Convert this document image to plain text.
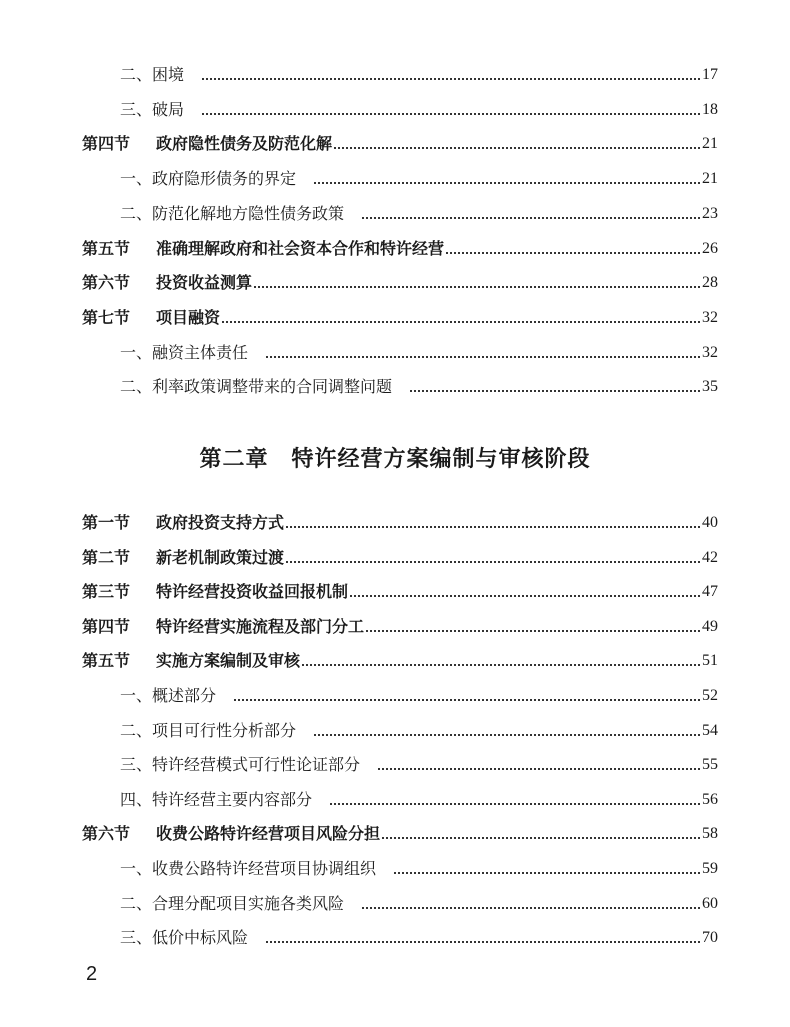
二、困境	17
三、破局	18
第四节	政府隐性债务及防范化解	21
一、政府隐形债务的界定	21
二、防范化解地方隐性债务政策	23
第五节	准确理解政府和社会资本合作和特许经营	26
第六节	投资收益测算	28
第七节	项目融资	32
一、融资主体责任	32
二、利率政策调整带来的合同调整问题	35
第二章　特许经营方案编制与审核阶段
第一节	政府投资支持方式	40
第二节	新老机制政策过渡	42
第三节	特许经营投资收益回报机制	47
第四节	特许经营实施流程及部门分工	49
第五节	实施方案编制及审核	51
一、概述部分	52
二、项目可行性分析部分	54
三、特许经营模式可行性论证部分	55
四、特许经营主要内容部分	56
第六节	收费公路特许经营项目风险分担	58
一、收费公路特许经营项目协调组织	59
二、合理分配项目实施各类风险	60
三、低价中标风险	70
2
